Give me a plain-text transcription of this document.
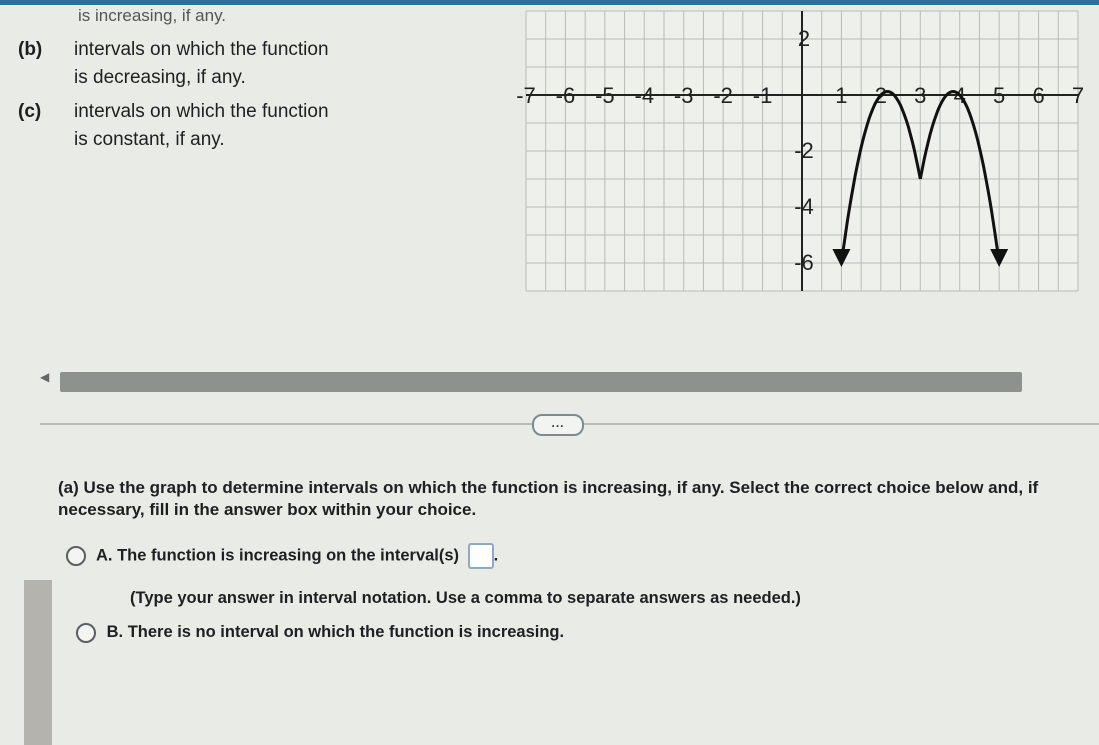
is increasing, if any.
(b) intervals on which the function
is decreasing, if any.
(c) intervals on which the function
is constant, if any.
-7 -6 -5 -4 -3 -2 -1	1 2 3 4 5 6 7
2
-2
-4
-6
◀
...
(a) Use the graph to determine intervals on which the function is increasing, if any. Select the correct choice below and, if necessary, fill in the answer box within your choice.
A. The function is increasing on the interval(s) .
(Type your answer in interval notation. Use a comma to separate answers as needed.)
B. There is no interval on which the function is increasing.
